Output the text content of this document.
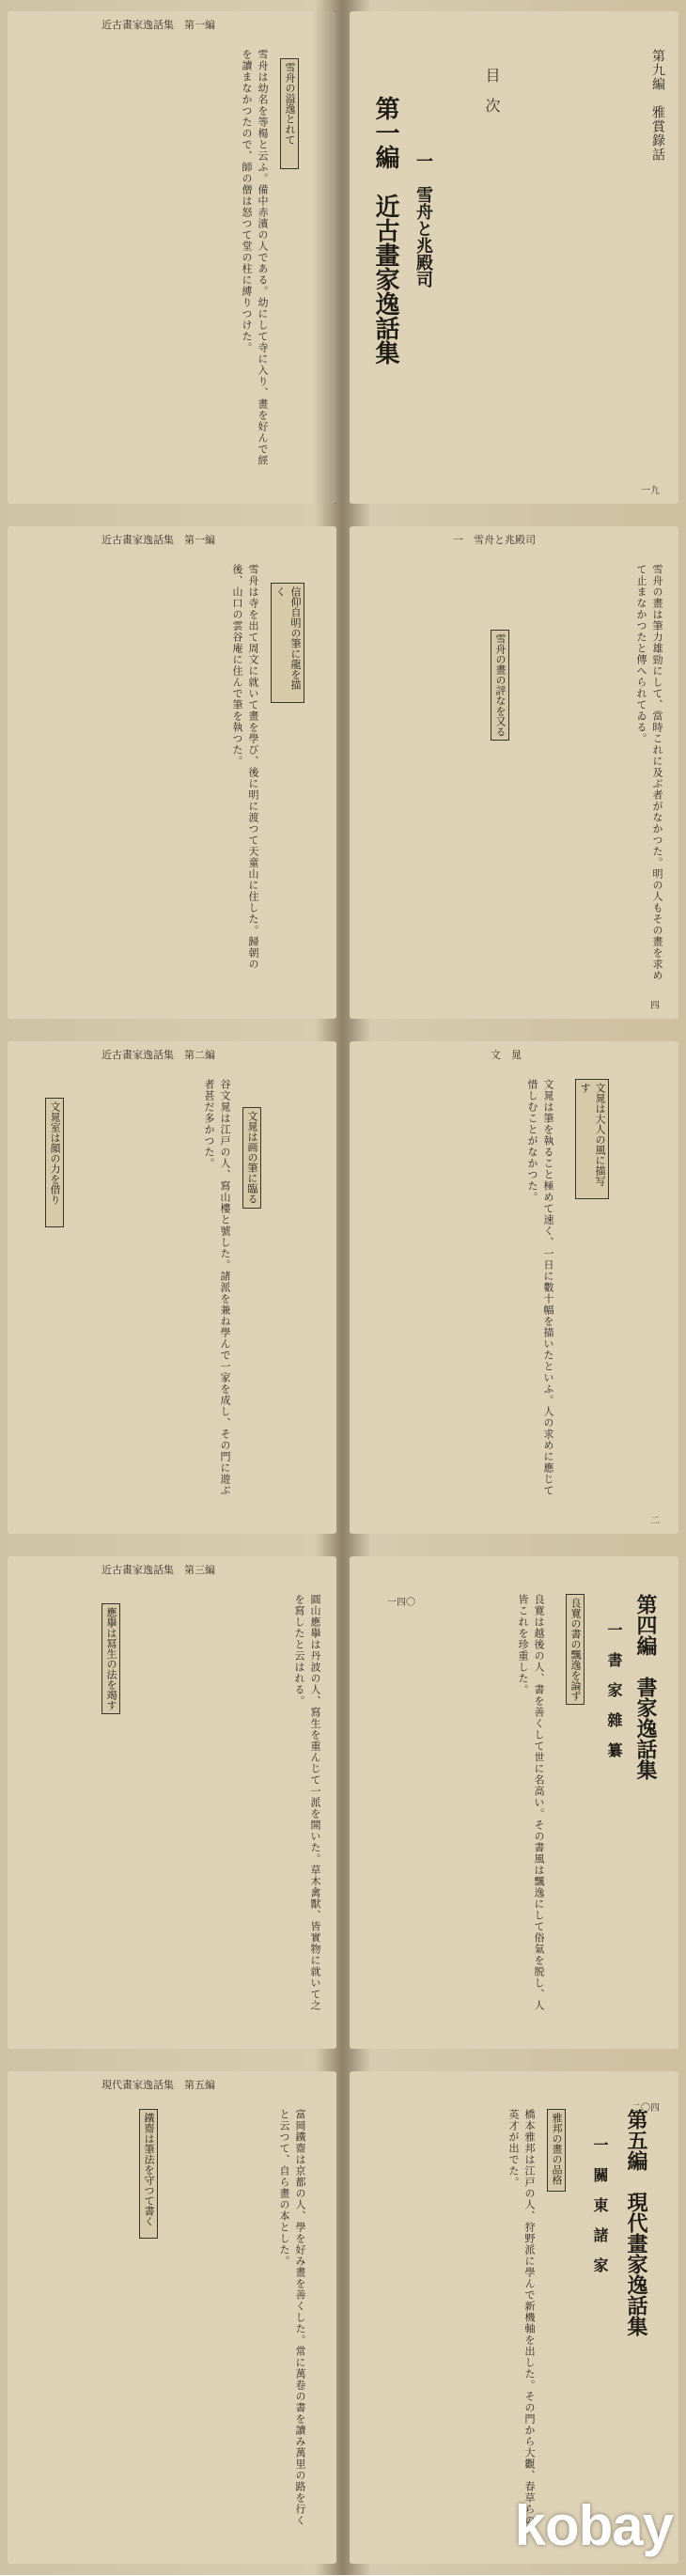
近古畫家逸話集　第一編
雪舟の溢逸とれて
雪舟は幼名を等楊と云ふ。備中赤濱の人である。幼にして寺に入り、畫を好んで經を讀まなかつたので、師の僧は怒つて堂の柱に縛りつけた。	第一編　近古畫家逸話集 一　雪舟と兆殿司
目　次	第九編　雅賞錄話
一九
近古畫家逸話集　第一編
信仰自明の筆に龍を描く
雪舟は寺を出て周文に就いて畫を學び、後に明に渡つて天童山に住した。歸朝の後、山口の雲谷庵に住んで筆を執つた。
一　雪舟と兆殿司
雪舟の畫の評なを又る	雪舟の畫は筆力雄勁にして、當時これに及ぶ者がなかつた。明の人もその畫を求めて止まなかつたと傳へられてゐる。
四
近古畫家逸話集　第二編
文晁は画の筆に臨る
文晁室は顔の力を借り	谷文晁は江戸の人、寫山樓と號した。諸派を兼ね學んで一家を成し、その門に遊ぶ者甚だ多かつた。
文　晁
文晁は大人の風に描写す
文晁は筆を執ること極めて速く、一日に數十幅を描いたといふ。人の求めに應じて惜しむことがなかつた。
二
近古畫家逸話集　第三編
應擧は冩生の法を竭す	圓山應擧は丹波の人、寫生を重んじて一派を開いた。草木禽獸、皆實物に就いて之を寫したと云はれる。	第四編　書家逸話集
一　書　家　雜　纂
良寛の書の飄逸を論ず
良寛は越後の人、書を善くして世に名高い。その書風は飄逸にして俗氣を脱し、人皆これを珍重した。
一四〇
現代畫家逸話集　第五編
鐵齋は筆法を守つて書く	富岡鐵齋は京都の人、學を好み畫を善くした。常に萬卷の書を讀み萬里の路を行くと云つて、自ら畫の本とした。	第五編　現代畫家逸話集
一　關　東　諸　家
雅邦の畫の品格
橋本雅邦は江戸の人、狩野派に學んで新機軸を出した。その門から大觀、春草らの英才が出でた。
二〇四
kobay
